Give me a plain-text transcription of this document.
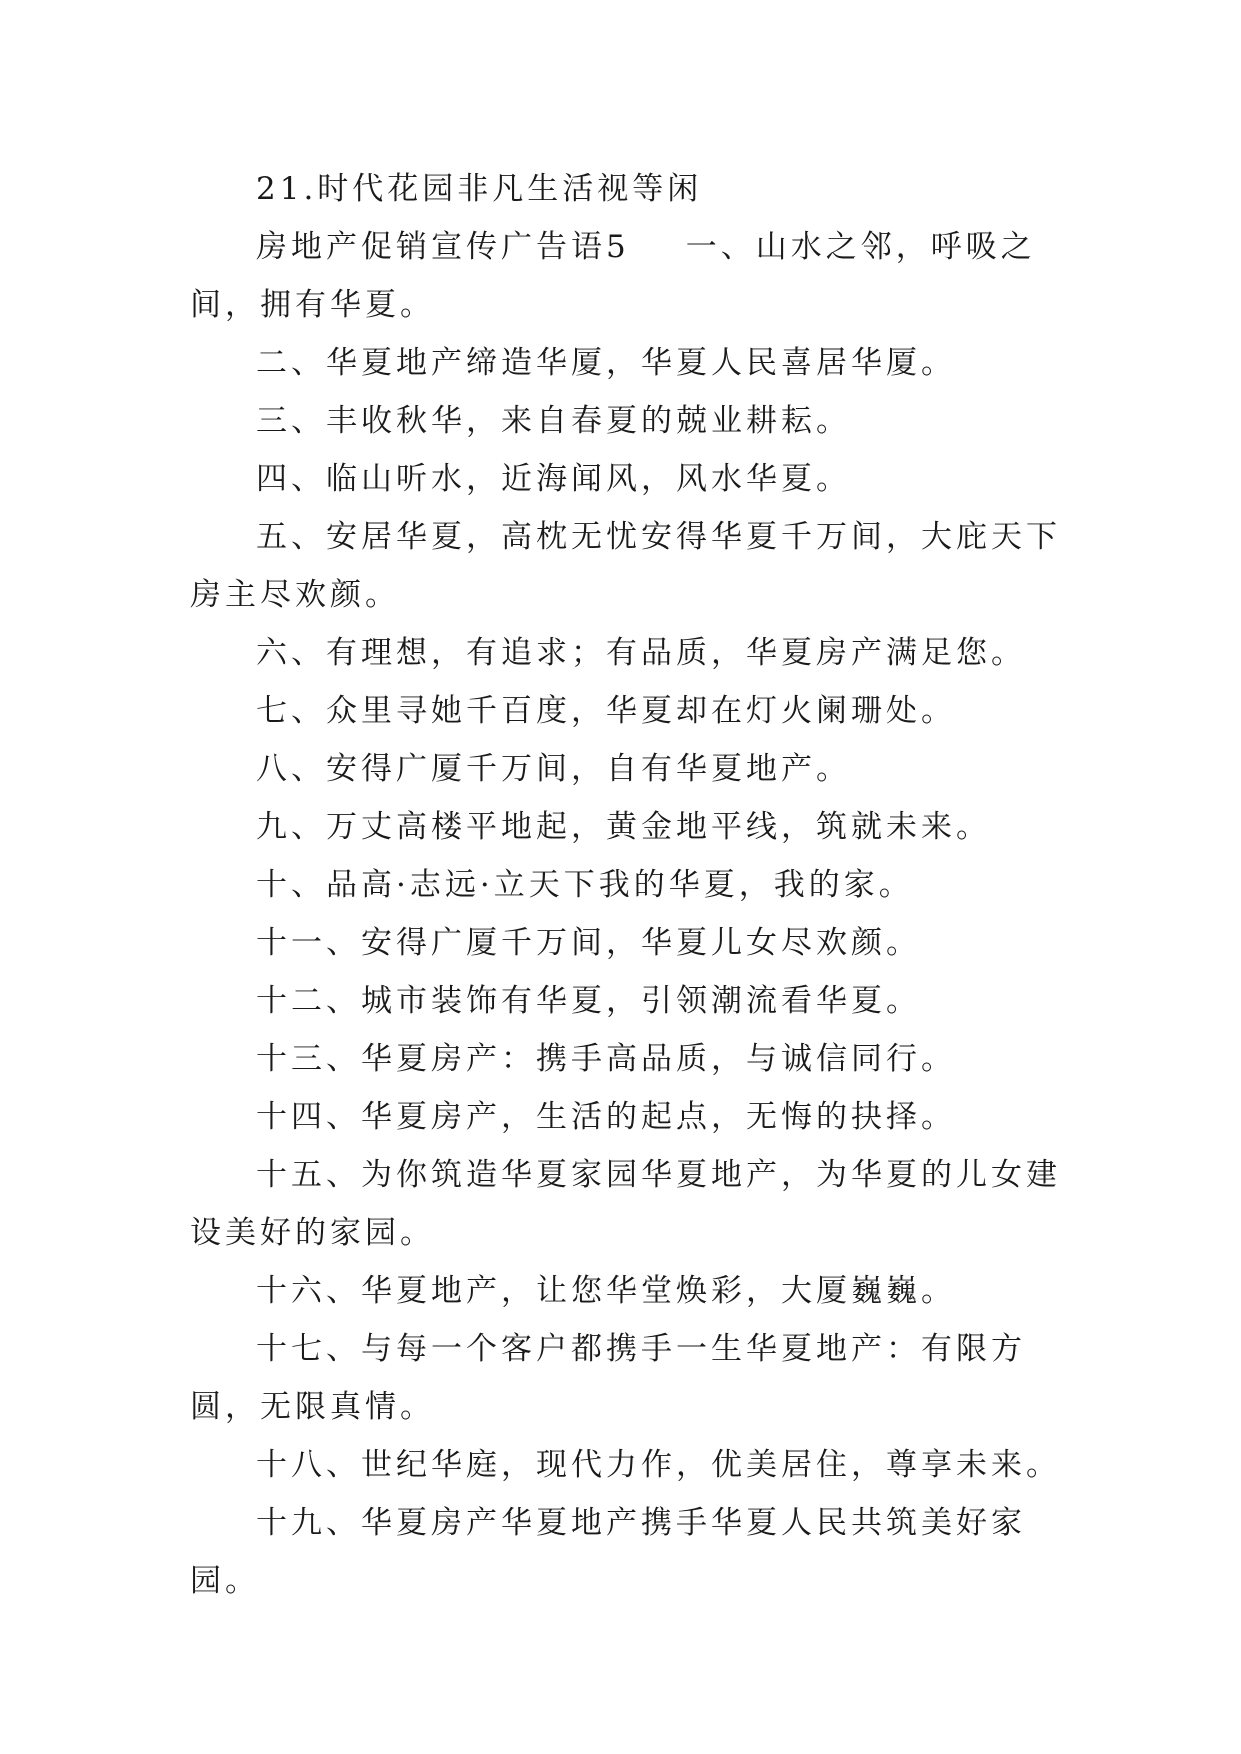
21.时代花园非凡生活视等闲

房地产促销宣传广告语5 一、山水之邻，呼吸之间，拥有华夏。

二、华夏地产缔造华厦，华夏人民喜居华厦。

三、丰收秋华，来自春夏的兢业耕耘。

四、临山听水，近海闻风，风水华夏。

五、安居华夏，高枕无忧安得华夏千万间，大庇天下房主尽欢颜。

六、有理想，有追求；有品质，华夏房产满足您。

七、众里寻她千百度，华夏却在灯火阑珊处。

八、安得广厦千万间，自有华夏地产。

九、万丈高楼平地起，黄金地平线，筑就未来。

十、品高·志远·立天下我的华夏，我的家。

十一、安得广厦千万间，华夏儿女尽欢颜。

十二、城市装饰有华夏，引领潮流看华夏。

十三、华夏房产：携手高品质，与诚信同行。

十四、华夏房产，生活的起点，无悔的抉择。

十五、为你筑造华夏家园华夏地产，为华夏的儿女建设美好的家园。

十六、华夏地产，让您华堂焕彩，大厦巍巍。

十七、与每一个客户都携手一生华夏地产：有限方圆，无限真情。

十八、世纪华庭，现代力作，优美居住，尊享未来。

十九、华夏房产华夏地产携手华夏人民共筑美好家园。
